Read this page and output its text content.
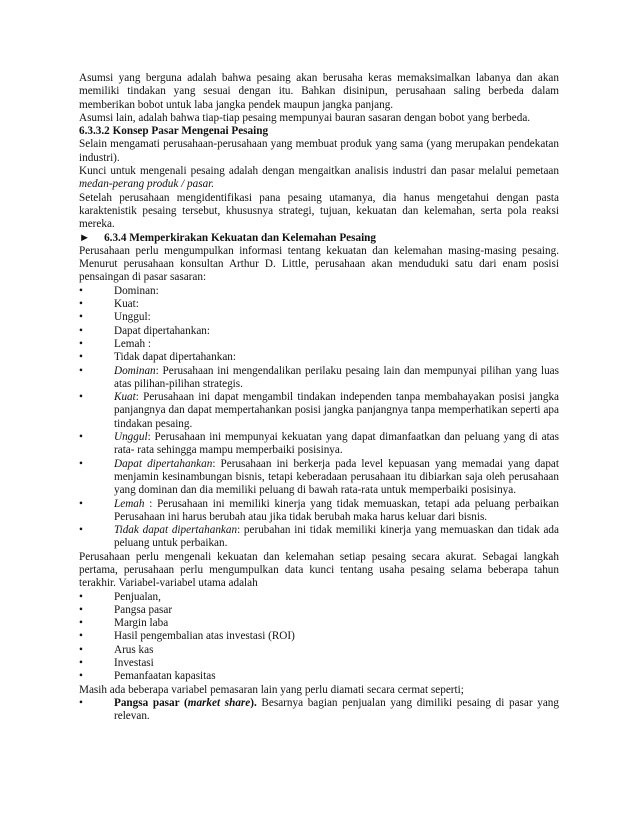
Asumsi yang berguna adalah bahwa pesaing akan berusaha keras memaksimalkan labanya dan akan memiliki tindakan yang sesuai dengan itu. Bahkan disinipun, perusahaan saling berbeda dalam memberikan bobot untuk laba jangka pendek maupun jangka panjang.

Asumsi lain, adalah bahwa tiap-tiap pesaing mempunyai bauran sasaran dengan bobot yang berbeda.

6.3.3.2 Konsep Pasar Mengenai Pesaing

Selain mengamati perusahaan-perusahaan yang membuat produk yang sama (yang merupakan pendekatan industri).

Kunci untuk mengenali pesaing adalah dengan mengaitkan analisis industri dan pasar melalui pemetaan medan-perang produk / pasar.

Setelah perusahaan mengidentifikasi pana pesaing utamanya, dia hanus mengetahui dengan pasta karaktenistik pesaing tersebut, khususnya strategi, tujuan, kekuatan dan kelemahan, serta pola reaksi mereka.

► 6.3.4 Memperkirakan Kekuatan dan Kelemahan Pesaing

Perusahaan perlu mengumpulkan informasi tentang kekuatan dan kelemahan masing-masing pesaing. Menurut perusahaan konsultan Arthur D. Little, perusahaan akan menduduki satu dari enam posisi pensaingan di pasar sasaran:

•	Dominan:
•	Kuat:
•	Unggul:
•	Dapat dipertahankan:
•	Lemah :
•	Tidak dapat dipertahankan:
•	Dominan: Perusahaan ini mengendalikan perilaku pesaing lain dan mempunyai pilihan yang luas atas pilihan-pilihan strategis.
•	Kuat: Perusahaan ini dapat mengambil tindakan independen tanpa membahayakan posisi jangka panjangnya dan dapat mempertahankan posisi jangka panjangnya tanpa memperhatikan seperti apa tindakan pesaing.
•	Unggul: Perusahaan ini mempunyai kekuatan yang dapat dimanfaatkan dan peluang yang di atas rata- rata sehingga mampu memperbaiki posisinya.
•	Dapat dipertahankan: Perusahaan ini berkerja pada level kepuasan yang memadai yang dapat menjamin kesinambungan bisnis, tetapi keberadaan perusahaan itu dibiarkan saja oleh perusahaan yang dominan dan dia memiliki peluang di bawah rata-rata untuk memperbaiki posisinya.
•	Lemah : Perusahaan ini memiliki kinerja yang tidak memuaskan, tetapi ada peluang perbaikan Perusahaan ini harus berubah atau jika tidak berubah maka harus keluar dari bisnis.
•	Tidak dapat dipertahankan: perubahan ini tidak memiliki kinerja yang memuaskan dan tidak ada peluang untuk perbaikan.

Perusahaan perlu mengenali kekuatan dan kelemahan setiap pesaing secara akurat. Sebagai langkah pertama, perusahaan perlu mengumpulkan data kunci tentang usaha pesaing selama beberapa tahun terakhir. Variabel-variabel utama adalah

•	Penjualan,
•	Pangsa pasar
•	Margin laba
•	Hasil pengembalian atas investasi (ROI)
•	Arus kas
•	Investasi
•	Pemanfaatan kapasitas

Masih ada beberapa variabel pemasaran lain yang perlu diamati secara cermat seperti;

•	Pangsa pasar (market share). Besarnya bagian penjualan yang dimiliki pesaing di pasar yang relevan.
